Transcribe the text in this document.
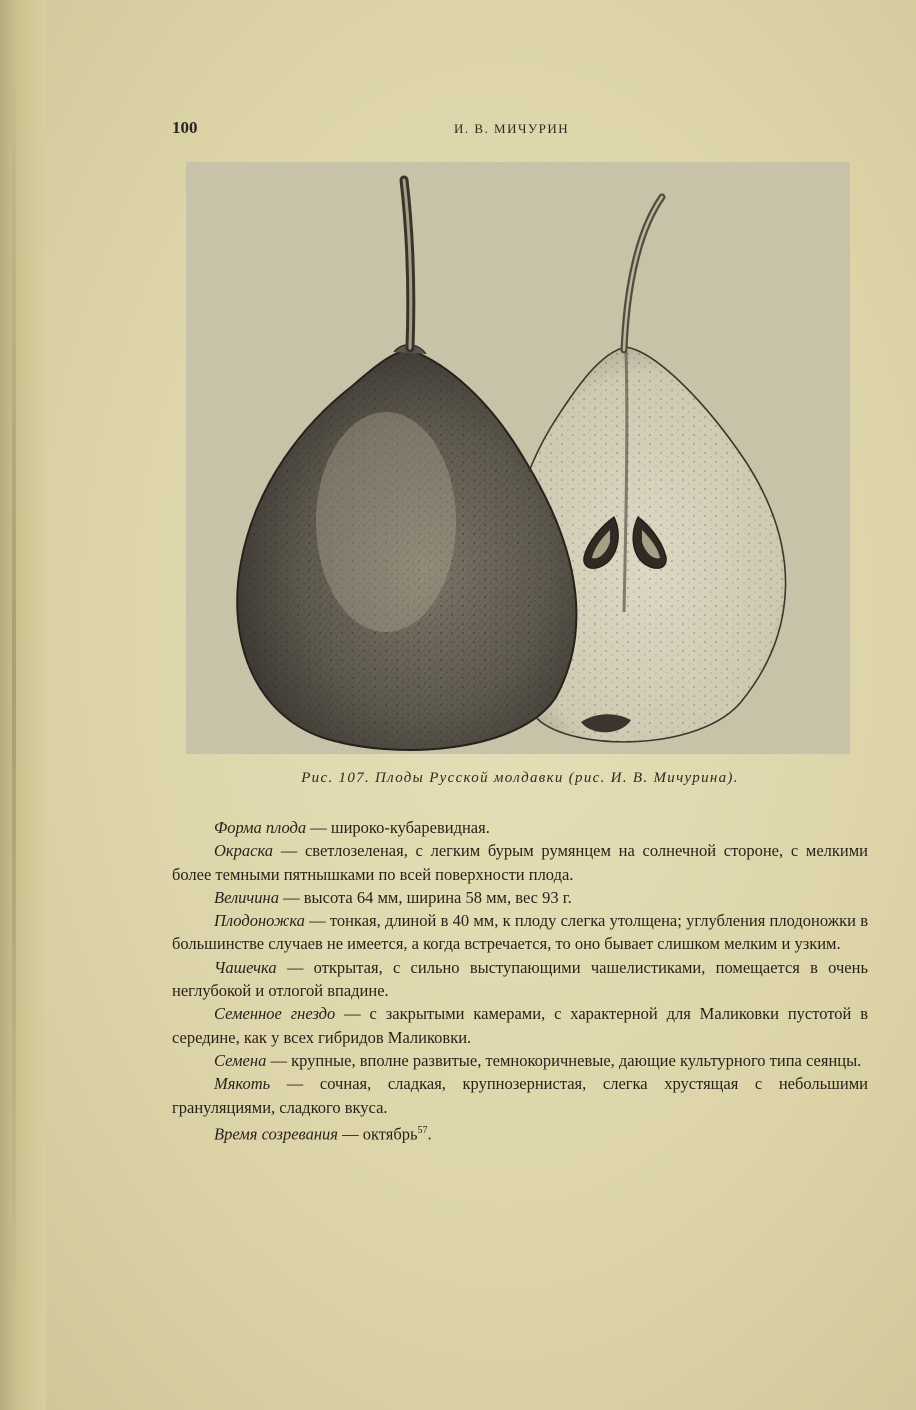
100	И. В. МИЧУРИН
Рис. 107. Плоды Русской молдавки (рис. И. В. Мичурина).

Форма плода — широко-кубаревидная.

Окраска — светлозеленая, с легким бурым румянцем на солнечной стороне, с мелкими более темными пятнышками по всей поверхности плода.

Величина — высота 64 мм, ширина 58 мм, вес 93 г.

Плодоножка — тонкая, длиной в 40 мм, к плоду слегка утолщена; углубления плодоножки в большинстве случаев не имеется, а когда встречается, то оно бывает слишком мелким и узким.

Чашечка — открытая, с сильно выступающими чашелистиками, помещается в очень неглубокой и отлогой впадине.

Семенное гнездо — с закрытыми камерами, с характерной для Маликовки пустотой в середине, как у всех гибридов Маликовки.

Семена — крупные, вполне развитые, темнокоричневые, дающие культурного типа сеянцы.

Мякоть — сочная, сладкая, крупнозернистая, слегка хрустящая с небольшими грануляциями, сладкого вкуса.

Время созревания — октябрь$^{57}$.
